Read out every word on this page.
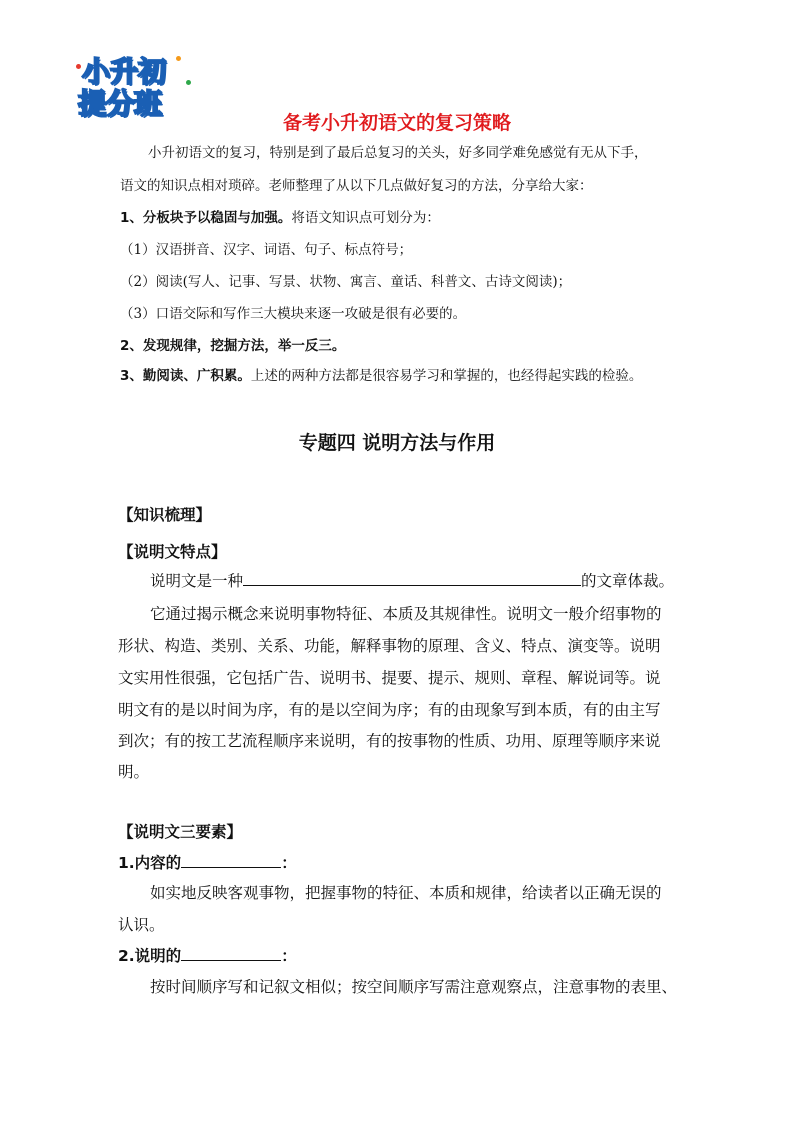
小升初
提分班
备考小升初语文的复习策略
小升初语文的复习，特别是到了最后总复习的关头，好多同学难免感觉有无从下手，
语文的知识点相对琐碎。老师整理了从以下几点做好复习的方法，分享给大家：
1、分板块予以稳固与加强。将语文知识点可划分为：
（1）汉语拼音、汉字、词语、句子、标点符号；
（2）阅读(写人、记事、写景、状物、寓言、童话、科普文、古诗文阅读)；
（3）口语交际和写作三大模块来逐一攻破是很有必要的。
2、发现规律，挖掘方法，举一反三。
3、勤阅读、广积累。上述的两种方法都是很容易学习和掌握的，也经得起实践的检验。
专题四 说明方法与作用
【知识梳理】
【说明文特点】
说明文是一种	的文章体裁。
它通过揭示概念来说明事物特征、本质及其规律性。说明文一般介绍事物的
形状、构造、类别、关系、功能，解释事物的原理、含义、特点、演变等。说明
文实用性很强，它包括广告、说明书、提要、提示、规则、章程、解说词等。说
明文有的是以时间为序，有的是以空间为序；有的由现象写到本质，有的由主写
到次；有的按工艺流程顺序来说明，有的按事物的性质、功用、原理等顺序来说
明。
【说明文三要素】
1.内容的	：
如实地反映客观事物，把握事物的特征、本质和规律，给读者以正确无误的
认识。
2.说明的	：
按时间顺序写和记叙文相似；按空间顺序写需注意观察点，注意事物的表里、
